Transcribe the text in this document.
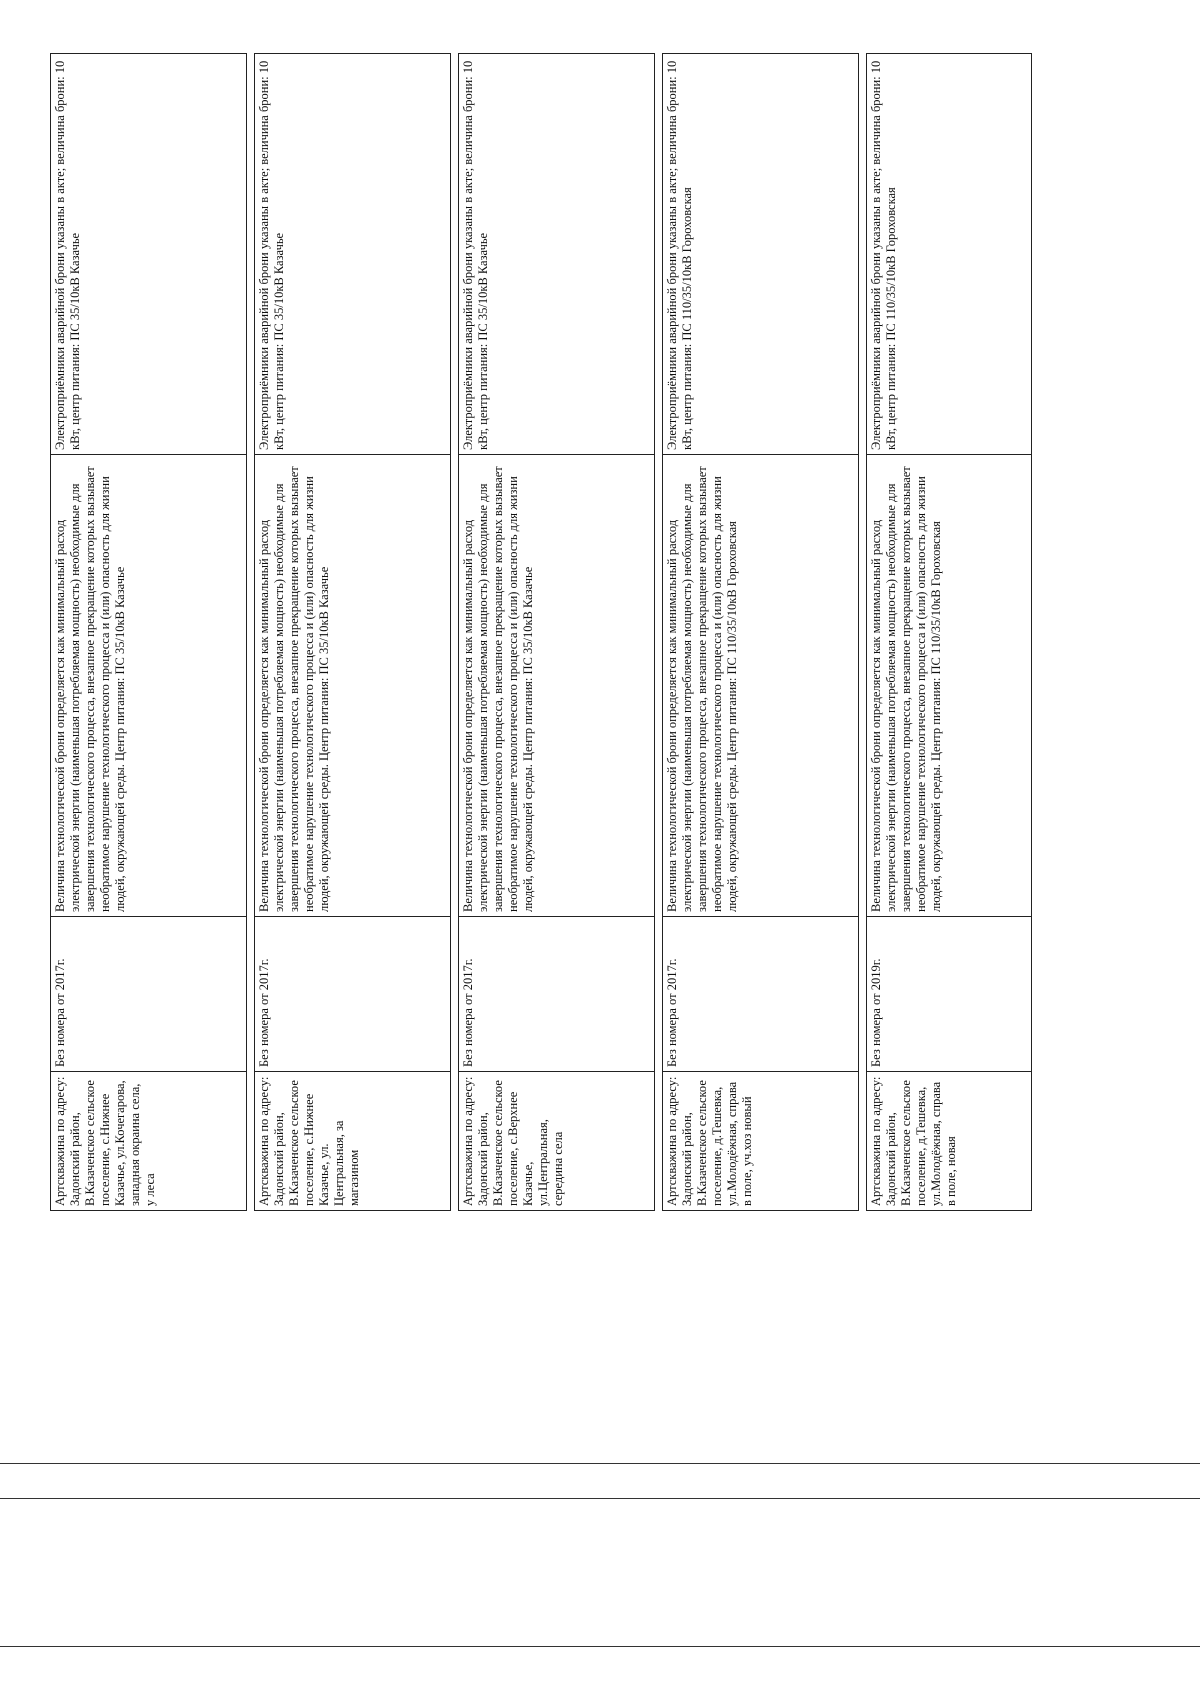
Артскважина по адресу: Задонский район, В.Казаченское сельское поселение, с.Нижнее Казачье, ул.Кочегарова, западная окраина села, у леса	Без номера от 2017г.	Величина технологической брони определяется как минимальный расход электрической энергии (наименьшая потребляемая мощность) необходимые для завершения технологического процесса, внезапное прекращение которых вызывает необратимое нарушение технологического процесса и (или) опасность для жизни людей, окружающей среды. Центр питания: ПС 35/10кВ Казачье	Электроприёмники аварийной брони указаны в акте; величина брони: 10 кВт, центр питания: ПС 35/10кВ Казачье

Артскважина по адресу: Задонский район, В.Казаченское сельское поселение, с.Нижнее Казачье, ул. Центральная, за магазином	Без номера от 2017г.	Величина технологической брони определяется как минимальный расход электрической энергии (наименьшая потребляемая мощность) необходимые для завершения технологического процесса, внезапное прекращение которых вызывает необратимое нарушение технологического процесса и (или) опасность для жизни людей, окружающей среды. Центр питания: ПС 35/10кВ Казачье	Электроприёмники аварийной брони указаны в акте; величина брони: 10 кВт, центр питания: ПС 35/10кВ Казачье

Артскважина по адресу: Задонский район, В.Казаченское сельское поселение, с.Верхнее Казачье, ул.Центральная, середина села	Без номера от 2017г.	Величина технологической брони определяется как минимальный расход электрической энергии (наименьшая потребляемая мощность) необходимые для завершения технологического процесса, внезапное прекращение которых вызывает необратимое нарушение технологического процесса и (или) опасность для жизни людей, окружающей среды. Центр питания: ПС 35/10кВ Казачье	Электроприёмники аварийной брони указаны в акте; величина брони: 10 кВт, центр питания: ПС 35/10кВ Казачье

Артскважина по адресу: Задонский район, В.Казаченское сельское поселение, д.Тешевка, ул.Молодёжная, справа в поле, уч.хоз новый	Без номера от 2017г.	Величина технологической брони определяется как минимальный расход электрической энергии (наименьшая потребляемая мощность) необходимые для завершения технологического процесса, внезапное прекращение которых вызывает необратимое нарушение технологического процесса и (или) опасность для жизни людей, окружающей среды. Центр питания: ПС 110/35/10кВ Гороховская	Электроприёмники аварийной брони указаны в акте; величина брони: 10 кВт, центр питания: ПС 110/35/10кВ Гороховская

Артскважина по адресу: Задонский район, В.Казаченское сельское поселение, д.Тешевка, ул.Молодёжная, справа в поле, новая	Без номера от 2019г.	Величина технологической брони определяется как минимальный расход электрической энергии (наименьшая потребляемая мощность) необходимые для завершения технологического процесса, внезапное прекращение которых вызывает необратимое нарушение технологического процесса и (или) опасность для жизни людей, окружающей среды. Центр питания: ПС 110/35/10кВ Гороховская	Электроприёмники аварийной брони указаны в акте; величина брони: 10 кВт, центр питания: ПС 110/35/10кВ Гороховская
